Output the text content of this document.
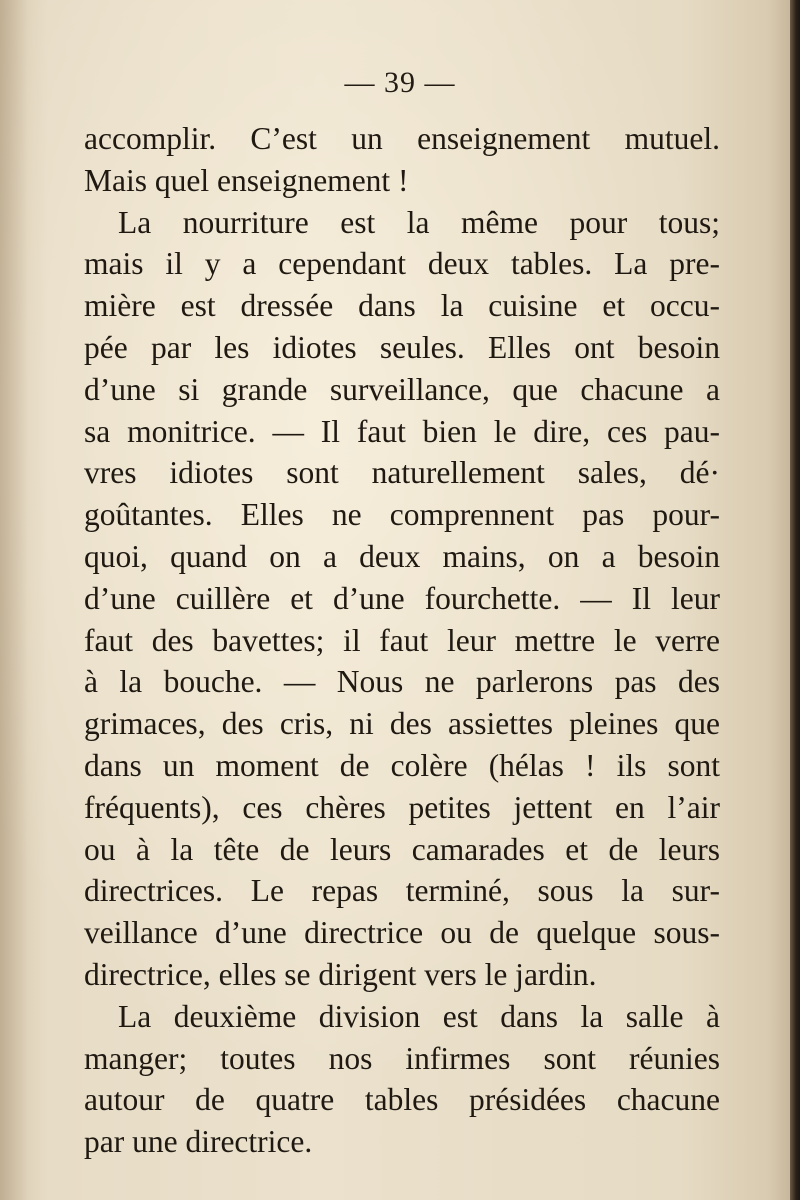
— 39 —
accomplir. C’est un enseignement mutuel.
Mais quel enseignement !
La nourriture est la même pour tous;
mais il y a cependant deux tables. La pre-
mière est dressée dans la cuisine et occu-
pée par les idiotes seules. Elles ont besoin
d’une si grande surveillance, que chacune a
sa monitrice. — Il faut bien le dire, ces pau-
vres idiotes sont naturellement sales, dé·
goûtantes. Elles ne comprennent pas pour-
quoi, quand on a deux mains, on a besoin
d’une cuillère et d’une fourchette. — Il leur
faut des bavettes; il faut leur mettre le verre
à la bouche. — Nous ne parlerons pas des
grimaces, des cris, ni des assiettes pleines que
dans un moment de colère (hélas ! ils sont
fréquents), ces chères petites jettent en l’air
ou à la tête de leurs camarades et de leurs
directrices. Le repas terminé, sous la sur-
veillance d’une directrice ou de quelque sous-
directrice, elles se dirigent vers le jardin.
La deuxième division est dans la salle à
manger; toutes nos infirmes sont réunies
autour de quatre tables présidées chacune
par une directrice.
